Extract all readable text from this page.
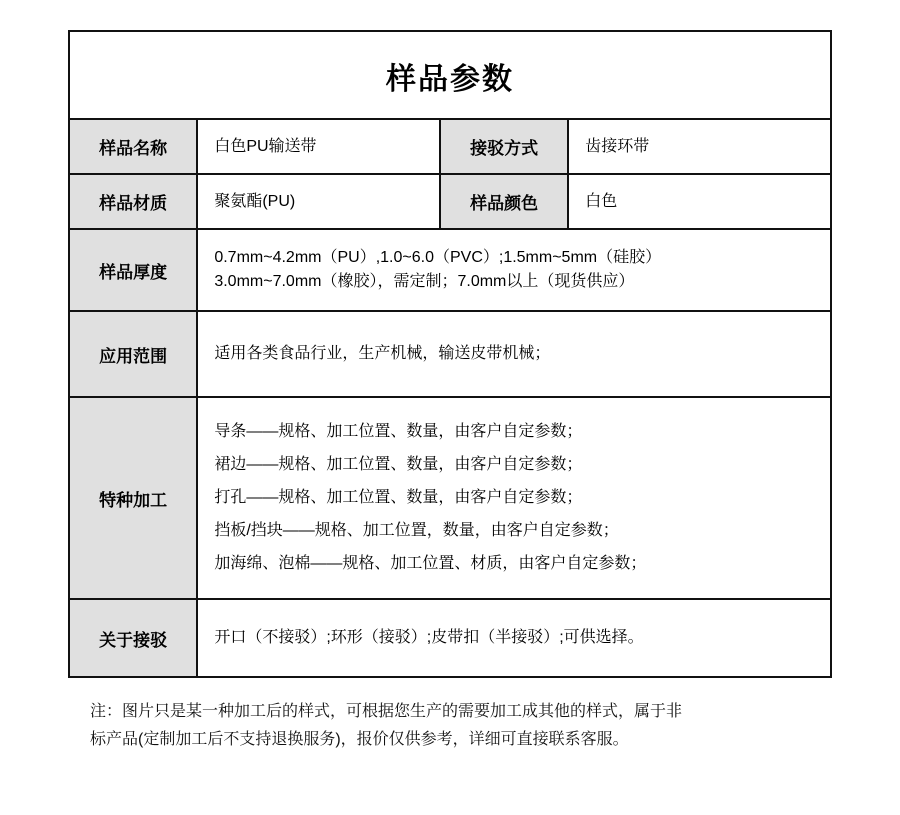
样品参数			
样品名称	白色PU输送带	接驳方式	齿接环带
样品材质	聚氨酯(PU)	样品颜色	白色
样品厚度	0.7mm~4.2mm（PU）,1.0~6.0（PVC）;1.5mm~5mm（硅胶）
3.0mm~7.0mm（橡胶），需定制；7.0mm以上（现货供应）		

应用范围	适用各类食品行业，生产机械，输送皮带机械；		
特种加工	导条——规格、加工位置、数量，由客户自定参数；
裙边——规格、加工位置、数量，由客户自定参数；
打孔——规格、加工位置、数量，由客户自定参数；
挡板/挡块——规格、加工位置，数量，由客户自定参数；
加海绵、泡棉——规格、加工位置、材质，由客户自定参数；		

关于接驳	开口（不接驳）;环形（接驳）;皮带扣（半接驳）;可供选择。		
注：图片只是某一种加工后的样式，可根据您生产的需要加工成其他的样式，属于非
标产品(定制加工后不支持退换服务)，报价仅供参考，详细可直接联系客服。
